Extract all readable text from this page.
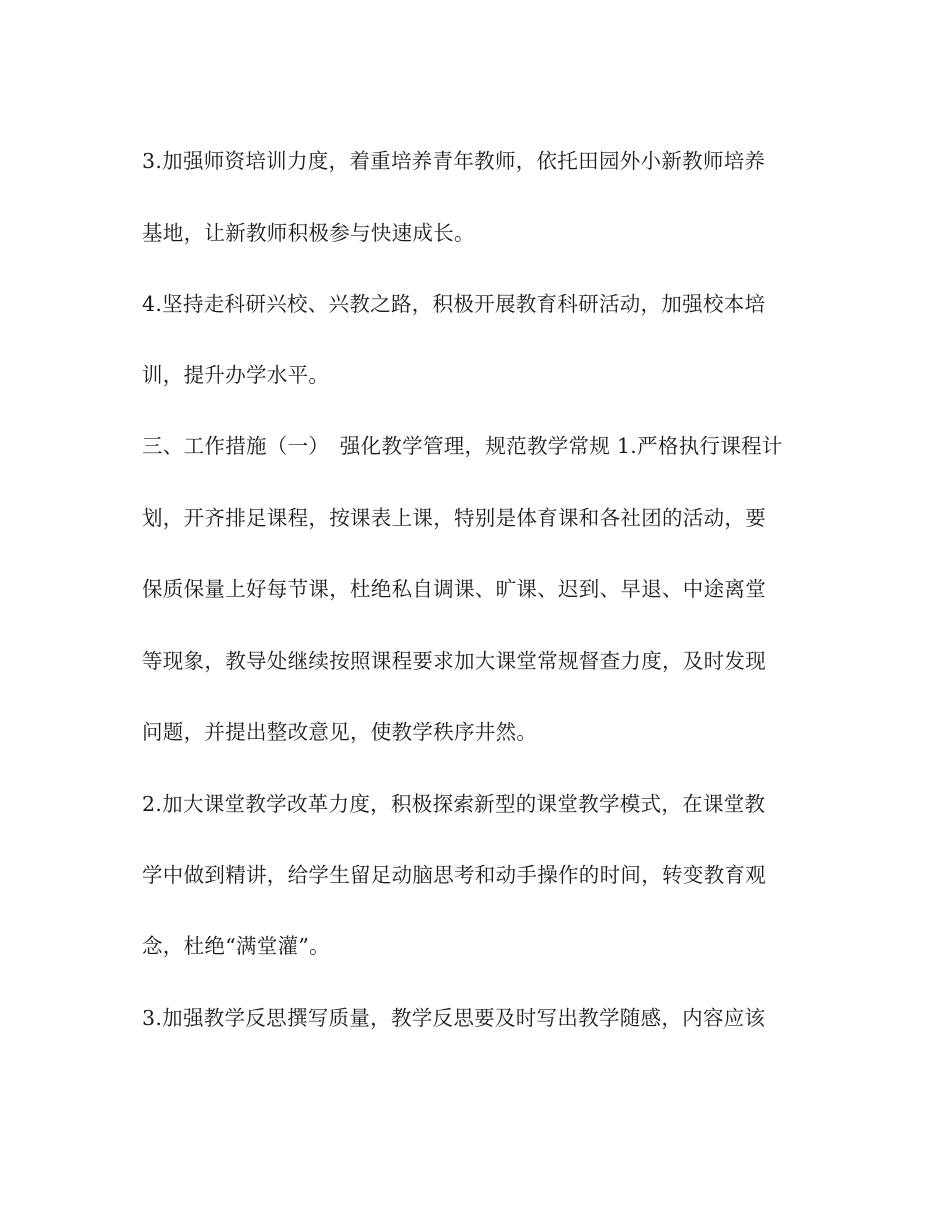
3.加强师资培训力度，着重培养青年教师，依托田园外小新教师培养
基地，让新教师积极参与快速成长。
4.坚持走科研兴校、兴教之路，积极开展教育科研活动，加强校本培
训，提升办学水平。
三、工作措施（一）　强化教学管理，规范教学常规 1.严格执行课程计
划，开齐排足课程，按课表上课，特别是体育课和各社团的活动，要
保质保量上好每节课，杜绝私自调课、旷课、迟到、早退、中途离堂
等现象，教导处继续按照课程要求加大课堂常规督查力度，及时发现
问题，并提出整改意见，使教学秩序井然。
2.加大课堂教学改革力度，积极探索新型的课堂教学模式，在课堂教
学中做到精讲，给学生留足动脑思考和动手操作的时间，转变教育观
念，杜绝“满堂灌”。
3.加强教学反思撰写质量，教学反思要及时写出教学随感，内容应该
